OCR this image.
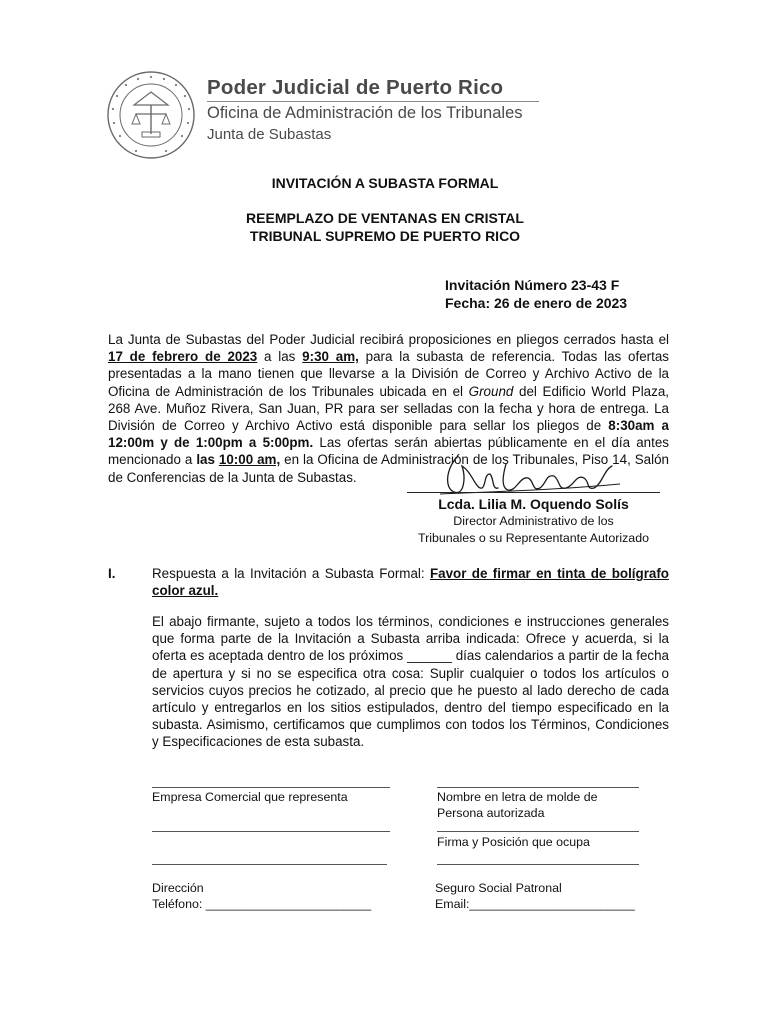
Poder Judicial de Puerto Rico
Oficina de Administración de los Tribunales
Junta de Subastas
INVITACIÓN A SUBASTA FORMAL
REEMPLAZO DE VENTANAS EN CRISTAL
TRIBUNAL SUPREMO DE PUERTO RICO
Invitación Número 23-43 F
Fecha: 26 de enero de 2023
La Junta de Subastas del Poder Judicial recibirá proposiciones en pliegos cerrados hasta el 17 de febrero de 2023 a las 9:30 am, para la subasta de referencia. Todas las ofertas presentadas a la mano tienen que llevarse a la División de Correo y Archivo Activo de la Oficina de Administración de los Tribunales ubicada en el Ground del Edificio World Plaza, 268 Ave. Muñoz Rivera, San Juan, PR para ser selladas con la fecha y hora de entrega. La División de Correo y Archivo Activo está disponible para sellar los pliegos de 8:30am a 12:00m y de 1:00pm a 5:00pm. Las ofertas serán abiertas públicamente en el día antes mencionado a las 10:00 am, en la Oficina de Administración de los Tribunales, Piso 14, Salón de Conferencias de la Junta de Subastas.
Lcda. Lilia M. Oquendo Solís
Director Administrativo de los
Tribunales o su Representante Autorizado
I.	Respuesta a la Invitación a Subasta Formal: Favor de firmar en tinta de bolígrafo color azul.
El abajo firmante, sujeto a todos los términos, condiciones e instrucciones generales que forma parte de la Invitación a Subasta arriba indicada: Ofrece y acuerda, si la oferta es aceptada dentro de los próximos ______ días calendarios a partir de la fecha de apertura y si no se especifica otra cosa: Suplir cualquier o todos los artículos o servicios cuyos precios he cotizado, al precio que he puesto al lado derecho de cada artículo y entregarlos en los sitios estipulados, dentro del tiempo especificado en la subasta. Asimismo, certificamos que cumplimos con todos los Términos, Condiciones y Especificaciones de esta subasta.
Empresa Comercial que representa	Nombre en letra de molde de
Persona autorizada
Firma y Posición que ocupa
Dirección
Teléfono: ________________________
Seguro Social Patronal
Email:________________________
